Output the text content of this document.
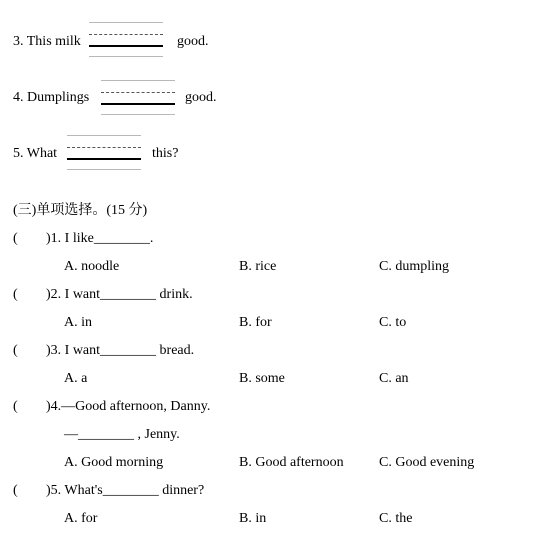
3. This milk	good.
4. Dumplings	good.
5. What	this?
(三)单项选择。(15 分)
( )1. I like________.
A. noodle	B. rice	C. dumpling
( )2. I want________ drink.
A. in	B. for	C. to
( )3. I want________ bread.
A. a	B. some	C. an
( )4.—Good afternoon, Danny.
—________ , Jenny.
A. Good morning	B. Good afternoon	C. Good evening
( )5. What's________ dinner?
A. for	B. in	C. the
